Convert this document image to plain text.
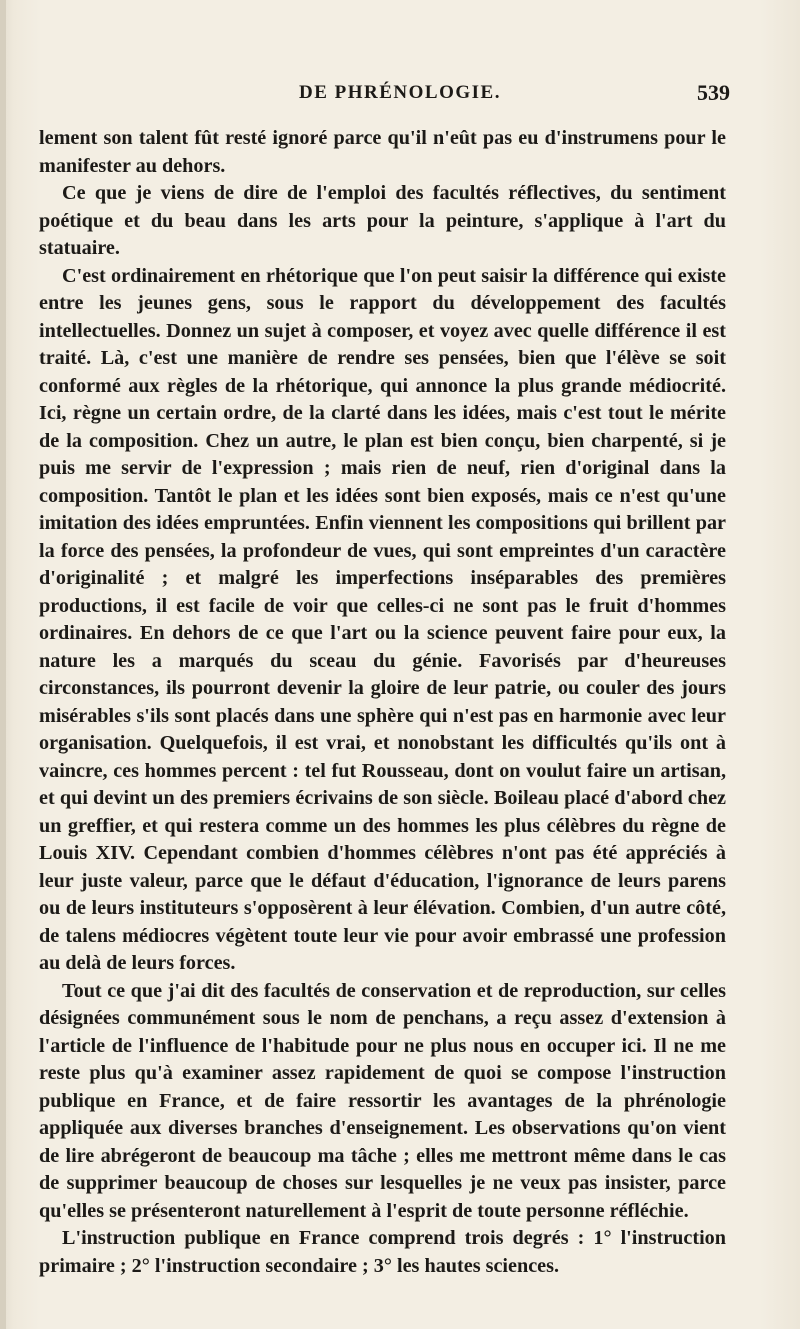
DE PHRÉNOLOGIE.	539

lement son talent fût resté ignoré parce qu'il n'eût pas eu d'instrumens pour le manifester au dehors.

Ce que je viens de dire de l'emploi des facultés réflectives, du sentiment poétique et du beau dans les arts pour la peinture, s'applique à l'art du statuaire.

C'est ordinairement en rhétorique que l'on peut saisir la différence qui existe entre les jeunes gens, sous le rapport du développement des facultés intellectuelles. Donnez un sujet à composer, et voyez avec quelle différence il est traité. Là, c'est une manière de rendre ses pensées, bien que l'élève se soit conformé aux règles de la rhétorique, qui annonce la plus grande médiocrité. Ici, règne un certain ordre, de la clarté dans les idées, mais c'est tout le mérite de la composition. Chez un autre, le plan est bien conçu, bien charpenté, si je puis me servir de l'expression ; mais rien de neuf, rien d'original dans la composition. Tantôt le plan et les idées sont bien exposés, mais ce n'est qu'une imitation des idées empruntées. Enfin viennent les compositions qui brillent par la force des pensées, la profondeur de vues, qui sont empreintes d'un caractère d'originalité ; et malgré les imperfections inséparables des premières productions, il est facile de voir que celles-ci ne sont pas le fruit d'hommes ordinaires. En dehors de ce que l'art ou la science peuvent faire pour eux, la nature les a marqués du sceau du génie. Favorisés par d'heureuses circonstances, ils pourront devenir la gloire de leur patrie, ou couler des jours misérables s'ils sont placés dans une sphère qui n'est pas en harmonie avec leur organisation. Quelquefois, il est vrai, et nonobstant les difficultés qu'ils ont à vaincre, ces hommes percent : tel fut Rousseau, dont on voulut faire un artisan, et qui devint un des premiers écrivains de son siècle. Boileau placé d'abord chez un greffier, et qui restera comme un des hommes les plus célèbres du règne de Louis XIV. Cependant combien d'hommes célèbres n'ont pas été appréciés à leur juste valeur, parce que le défaut d'éducation, l'ignorance de leurs parens ou de leurs instituteurs s'opposèrent à leur élévation. Combien, d'un autre côté, de talens médiocres végètent toute leur vie pour avoir embrassé une profession au delà de leurs forces.

Tout ce que j'ai dit des facultés de conservation et de reproduction, sur celles désignées communément sous le nom de penchans, a reçu assez d'extension à l'article de l'influence de l'habitude pour ne plus nous en occuper ici. Il ne me reste plus qu'à examiner assez rapidement de quoi se compose l'instruction publique en France, et de faire ressortir les avantages de la phrénologie appliquée aux diverses branches d'enseignement. Les observations qu'on vient de lire abrégeront de beaucoup ma tâche ; elles me mettront même dans le cas de supprimer beaucoup de choses sur lesquelles je ne veux pas insister, parce qu'elles se présenteront naturellement à l'esprit de toute personne réfléchie.

L'instruction publique en France comprend trois degrés : 1° l'instruction primaire ; 2° l'instruction secondaire ; 3° les hautes sciences.
